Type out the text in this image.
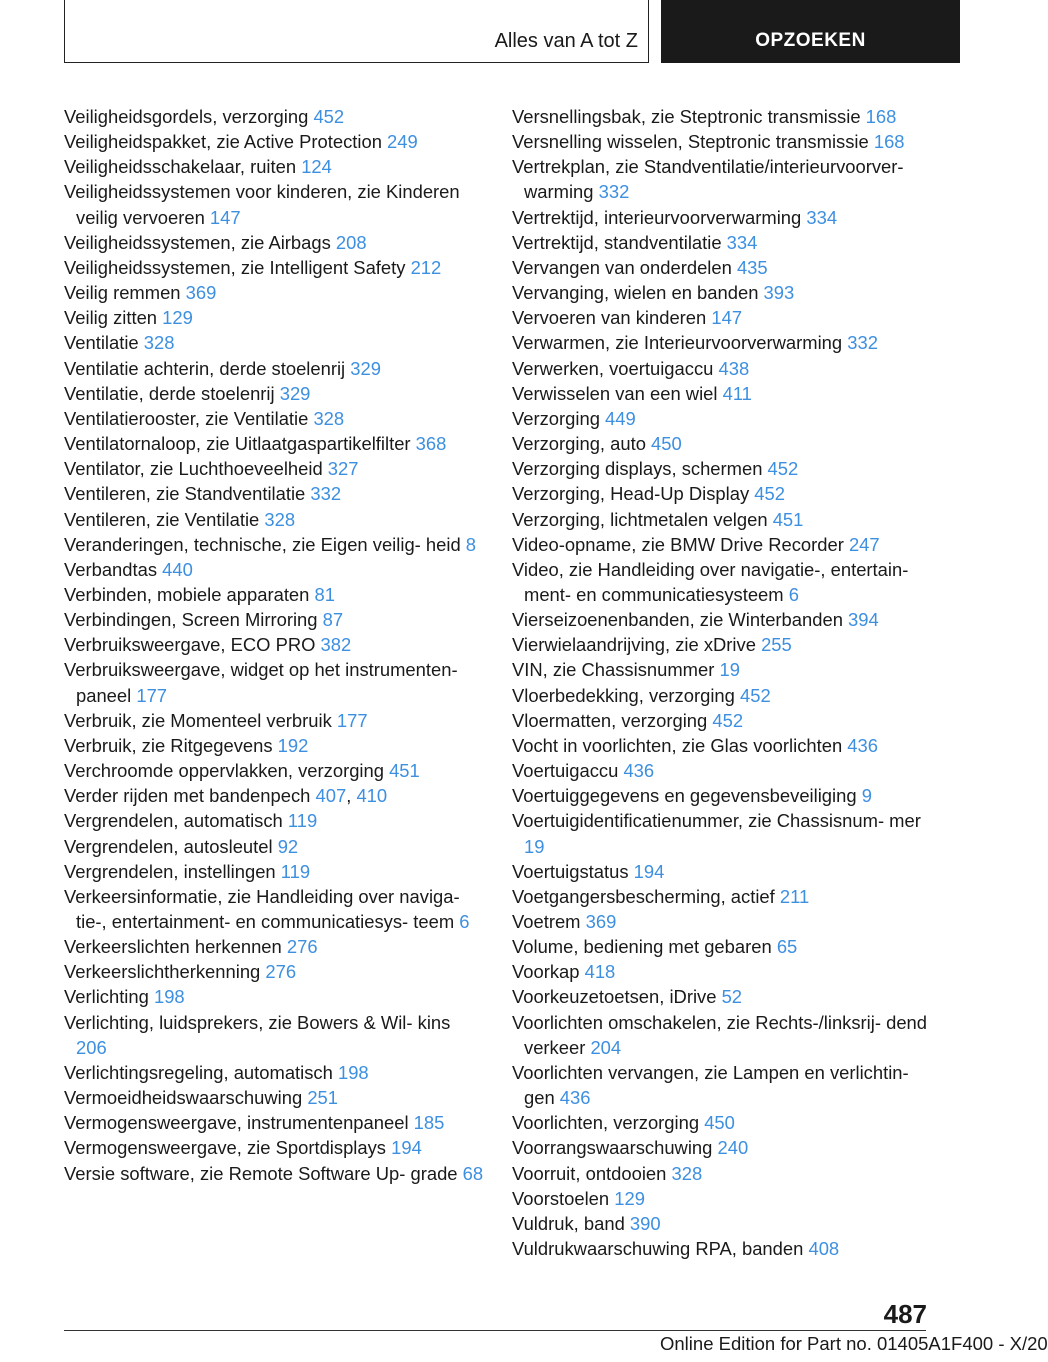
Alles van A tot Z	OPZOEKEN
Veiligheidsgordels, verzorging 452
Veiligheidspakket, zie Active Protection 249
Veiligheidsschakelaar, ruiten 124
Veiligheidssystemen voor kinderen, zie Kinderen veilig vervoeren 147
Veiligheidssystemen, zie Airbags 208
Veiligheidssystemen, zie Intelligent Safety 212
Veilig remmen 369
Veilig zitten 129
Ventilatie 328
Ventilatie achterin, derde stoelenrij 329
Ventilatie, derde stoelenrij 329
Ventilatierooster, zie Ventilatie 328
Ventilatornaloop, zie Uitlaatgaspartikelfilter 368
Ventilator, zie Luchthoeveelheid 327
Ventileren, zie Standventilatie 332
Ventileren, zie Ventilatie 328
Veranderingen, technische, zie Eigen veilig- heid 8
Verbandtas 440
Verbinden, mobiele apparaten 81
Verbindingen, Screen Mirroring 87
Verbruiksweergave, ECO PRO 382
Verbruiksweergave, widget op het instrumenten- paneel 177
Verbruik, zie Momenteel verbruik 177
Verbruik, zie Ritgegevens 192
Verchroomde oppervlakken, verzorging 451
Verder rijden met bandenpech 407, 410
Vergrendelen, automatisch 119
Vergrendelen, autosleutel 92
Vergrendelen, instellingen 119
Verkeersinformatie, zie Handleiding over naviga- tie-, entertainment- en communicatiesys- teem 6
Verkeerslichten herkennen 276
Verkeerslichtherkenning 276
Verlichting 198
Verlichting, luidsprekers, zie Bowers & Wil- kins 206
Verlichtingsregeling, automatisch 198
Vermoeidheidswaarschuwing 251
Vermogensweergave, instrumentenpaneel 185
Vermogensweergave, zie Sportdisplays 194
Versie software, zie Remote Software Up- grade 68
Versnellingsbak, zie Steptronic transmissie 168
Versnelling wisselen, Steptronic transmissie 168
Vertrekplan, zie Standventilatie/interieurvoorver- warming 332
Vertrektijd, interieurvoorverwarming 334
Vertrektijd, standventilatie 334
Vervangen van onderdelen 435
Vervanging, wielen en banden 393
Vervoeren van kinderen 147
Verwarmen, zie Interieurvoorverwarming 332
Verwerken, voertuigaccu 438
Verwisselen van een wiel 411
Verzorging 449
Verzorging, auto 450
Verzorging displays, schermen 452
Verzorging, Head-Up Display 452
Verzorging, lichtmetalen velgen 451
Video-opname, zie BMW Drive Recorder 247
Video, zie Handleiding over navigatie-, entertain- ment- en communicatiesysteem 6
Vierseizoenenbanden, zie Winterbanden 394
Vierwielaandrijving, zie xDrive 255
VIN, zie Chassisnummer 19
Vloerbedekking, verzorging 452
Vloermatten, verzorging 452
Vocht in voorlichten, zie Glas voorlichten 436
Voertuigaccu 436
Voertuiggegevens en gegevensbeveiliging 9
Voertuigidentificatienummer, zie Chassisnum- mer 19
Voertuigstatus 194
Voetgangersbescherming, actief 211
Voetrem 369
Volume, bediening met gebaren 65
Voorkap 418
Voorkeuzetoetsen, iDrive 52
Voorlichten omschakelen, zie Rechts-/linksrij- dend verkeer 204
Voorlichten vervangen, zie Lampen en verlichtin- gen 436
Voorlichten, verzorging 450
Voorrangswaarschuwing 240
Voorruit, ontdooien 328
Voorstoelen 129
Vuldruk, band 390
Vuldrukwaarschuwing RPA, banden 408
487
Online Edition for Part no. 01405A1F400 - X/20
